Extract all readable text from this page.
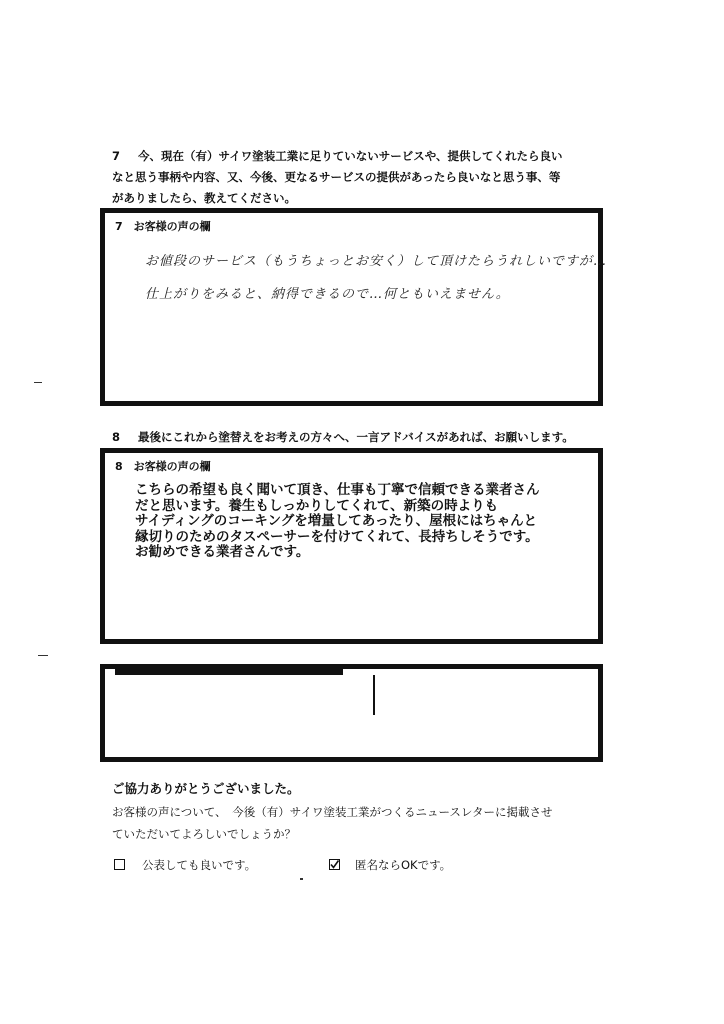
7 今、現在（有）サイワ塗装工業に足りていないサービスや、提供してくれたら良い
なと思う事柄や内容、又、今後、更なるサービスの提供があったら良いなと思う事、等
がありましたら、教えてください。
7　お客様の声の欄
お値段のサービス（もうちょっとお安く）して頂けたらうれしいですが…
仕上がりをみると、納得できるので…何ともいえません。
8 最後にこれから塗替えをお考えの方々へ、一言アドバイスがあれば、お願いします。
8　お客様の声の欄
こちらの希望も良く聞いて頂き、仕事も丁寧で信頼できる業者さん
だと思います。養生もしっかりしてくれて、新築の時よりも
サイディングのコーキングを増量してあったり、屋根にはちゃんと
縁切りのためのタスペーサーを付けてくれて、長持ちしそうです。
お勧めできる業者さんです。
ご協力ありがとうございました。
お客様の声について、　今後（有）サイワ塗装工業がつくるニュースレターに掲載させ
ていただいてよろしいでしょうか？
公表しても良いです。	匿名ならOKです。
